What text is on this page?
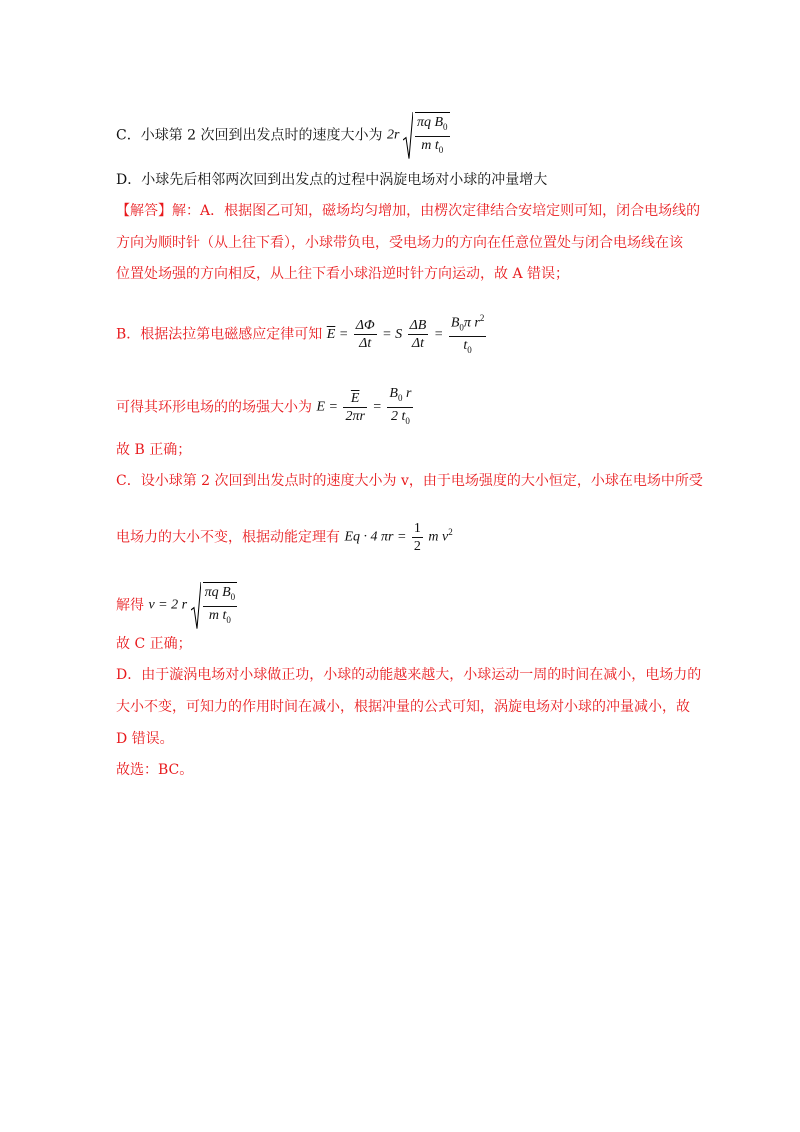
C．小球第 2 次回到出发点时的速度大小为 $2r \frac{\pi q B_0}{m t_0}$
D．小球先后相邻两次回到出发点的过程中涡旋电场对小球的冲量增大
【解答】解：A．根据图乙可知，磁场均匀增加，由楞次定律结合安培定则可知，闭合电场线的
方向为顺时针（从上往下看），小球带负电，受电场力的方向在任意位置处与闭合电场线在该
位置处场强的方向相反，从上往下看小球沿逆时针方向运动，故 A 错误；
B．根据法拉第电磁感应定律可知 $\overline{E} = \frac{\Delta\Phi}{\Delta t} = S \frac{\Delta B}{\Delta t} = \frac{B_0\pi r^2}{t_0}$
可得其环形电场的的场强大小为 $E = \frac{\overline{E}}{2\pi r} = \frac{B_0 r}{2 t_0}$
故 B 正确；
C．设小球第 2 次回到出发点时的速度大小为 v，由于电场强度的大小恒定，小球在电场中所受
电场力的大小不变，根据动能定理有 Eq · 4 $\pi r = \frac{1}{2}$ m $v^2$
解得 v = 2 r $\frac{\pi q B_0}{m t_0}$
故 C 正确；
D．由于漩涡电场对小球做正功，小球的动能越来越大，小球运动一周的时间在减小，电场力的
大小不变，可知力的作用时间在减小，根据冲量的公式可知，涡旋电场对小球的冲量减小，故
D 错误。
故选：BC。
